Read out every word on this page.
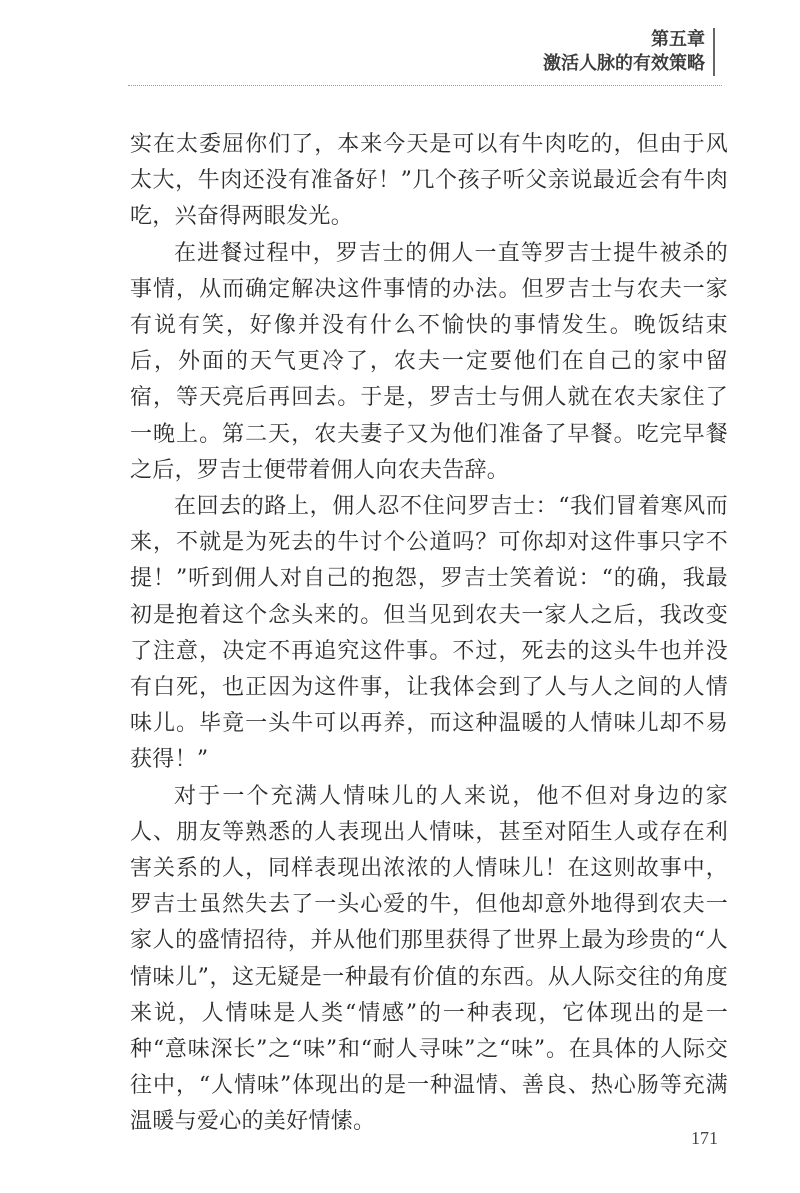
第五章
激活人脉的有效策略

实在太委屈你们了，本来今天是可以有牛肉吃的，但由于风太大，牛肉还没有准备好！”几个孩子听父亲说最近会有牛肉吃，兴奋得两眼发光。

在进餐过程中，罗吉士的佣人一直等罗吉士提牛被杀的事情，从而确定解决这件事情的办法。但罗吉士与农夫一家有说有笑，好像并没有什么不愉快的事情发生。晚饭结束后，外面的天气更冷了，农夫一定要他们在自己的家中留宿，等天亮后再回去。于是，罗吉士与佣人就在农夫家住了一晚上。第二天，农夫妻子又为他们准备了早餐。吃完早餐之后，罗吉士便带着佣人向农夫告辞。

在回去的路上，佣人忍不住问罗吉士：“我们冒着寒风而来，不就是为死去的牛讨个公道吗？可你却对这件事只字不提！”听到佣人对自己的抱怨，罗吉士笑着说：“的确，我最初是抱着这个念头来的。但当见到农夫一家人之后，我改变了注意，决定不再追究这件事。不过，死去的这头牛也并没有白死，也正因为这件事，让我体会到了人与人之间的人情味儿。毕竟一头牛可以再养，而这种温暖的人情味儿却不易获得！”

对于一个充满人情味儿的人来说，他不但对身边的家人、朋友等熟悉的人表现出人情味，甚至对陌生人或存在利害关系的人，同样表现出浓浓的人情味儿！在这则故事中，罗吉士虽然失去了一头心爱的牛，但他却意外地得到农夫一家人的盛情招待，并从他们那里获得了世界上最为珍贵的“人情味儿”，这无疑是一种最有价值的东西。从人际交往的角度来说，人情味是人类“情感”的一种表现，它体现出的是一种“意味深长”之“味”和“耐人寻味”之“味”。在具体的人际交往中，“人情味”体现出的是一种温情、善良、热心肠等充满温暖与爱心的美好情愫。

171
